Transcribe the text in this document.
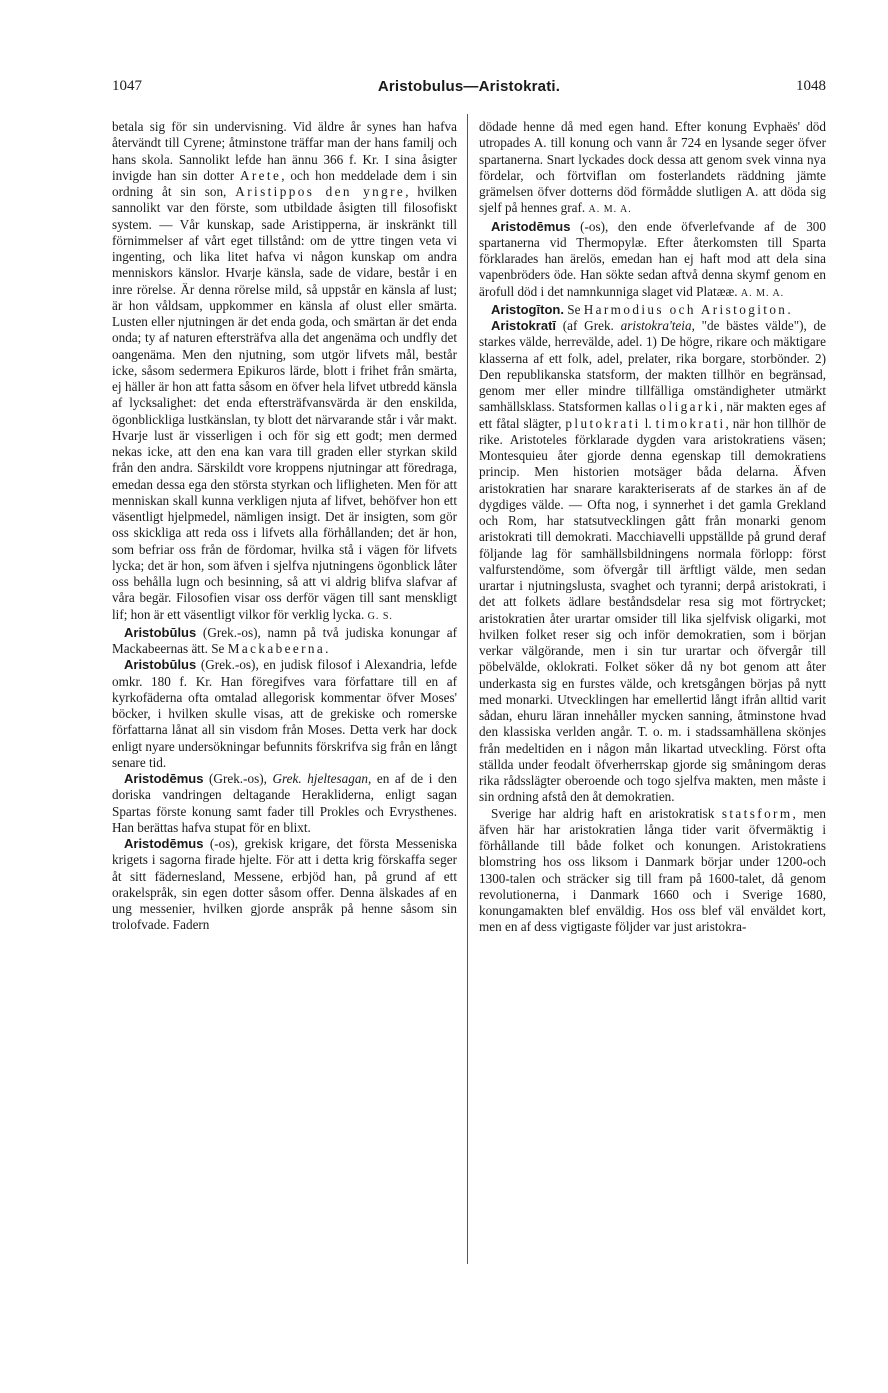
1047	Aristobulus—Aristokrati.	1048

betala sig för sin undervisning. Vid äldre år synes han hafva återvändt till Cyrene; åtminstone träffar man der hans familj och hans skola. Sannolikt lefde han ännu 366 f. Kr. I sina åsigter invigde han sin dotter Arete, och hon meddelade dem i sin ordning åt sin son, Aristippos den yngre, hvilken sannolikt var den förste, som utbildade åsigten till filosofiskt system. — Vår kunskap, sade Aristipperna, är inskränkt till förnimmelser af vårt eget tillstånd: om de yttre tingen veta vi ingenting, och lika litet hafva vi någon kunskap om andra menniskors känslor. Hvarje känsla, sade de vidare, består i en inre rörelse. Är denna rörelse mild, så uppstår en känsla af lust; är hon våldsam, uppkommer en känsla af olust eller smärta. Lusten eller njutningen är det enda goda, och smärtan är det enda onda; ty af naturen eftersträfva alla det angenäma och undfly det oangenäma. Men den njutning, som utgör lifvets mål, består icke, såsom sedermera Epikuros lärde, blott i frihet från smärta, ej häller är hon att fatta såsom en öfver hela lifvet utbredd känsla af lycksalighet: det enda eftersträfvansvärda är den enskilda, ögonblickliga lustkänslan, ty blott det närvarande står i vår makt. Hvarje lust är visserligen i och för sig ett godt; men dermed nekas icke, att den ena kan vara till graden eller styrkan skild från den andra. Särskildt vore kroppens njutningar att föredraga, emedan dessa ega den största styrkan och lifligheten. Men för att menniskan skall kunna verkligen njuta af lifvet, behöfver hon ett väsentligt hjelpmedel, nämligen insigt. Det är insigten, som gör oss skickliga att reda oss i lifvets alla förhållanden; det är hon, som befriar oss från de fördomar, hvilka stå i vägen för lifvets lycka; det är hon, som äfven i sjelfva njutningens ögonblick låter oss behålla lugn och besinning, så att vi aldrig blifva slafvar af våra begär. Filosofien visar oss derför vägen till sant menskligt lif; hon är ett väsentligt vilkor för verklig lycka. G. S.

Aristobūlus (Grek.-os), namn på två judiska konungar af Mackabeernas ätt. Se Mackabeerna.

Aristobūlus (Grek.-os), en judisk filosof i Alexandria, lefde omkr. 180 f. Kr. Han föregifves vara författare till en af kyrkofäderna ofta omtalad allegorisk kommentar öfver Moses' böcker, i hvilken skulle visas, att de grekiske och romerske författarna lånat all sin visdom från Moses. Detta verk har dock enligt nyare undersökningar befunnits förskrifva sig från en långt senare tid.

Aristodēmus (Grek.-os), Grek. hjeltesagan, en af de i den doriska vandringen deltagande Herakliderna, enligt sagan Spartas förste konung samt fader till Prokles och Evrysthenes. Han berättas hafva stupat för en blixt.

Aristodēmus (-os), grekisk krigare, det första Messeniska krigets i sagorna firade hjelte. För att i detta krig förskaffa seger åt sitt fädernesland, Messene, erbjöd han, på grund af ett orakelspråk, sin egen dotter såsom offer. Denna älskades af en ung messenier, hvilken gjorde anspråk på henne såsom sin trolofvade. Fadern

dödade henne då med egen hand. Efter konung Evphaës' död utropades A. till konung och vann år 724 en lysande seger öfver spartanerna. Snart lyckades dock dessa att genom svek vinna nya fördelar, och förtviflan om fosterlandets räddning jämte grämelsen öfver dotterns död förmådde slutligen A. att döda sig sjelf på hennes graf. A. M. A.

Aristodēmus (-os), den ende öfverlefvande af de 300 spartanerna vid Thermopylæ. Efter återkomsten till Sparta förklarades han ärelös, emedan han ej haft mod att dela sina vapenbröders öde. Han sökte sedan aftvå denna skymf genom en ärofull död i det namnkunniga slaget vid Platææ. A. M. A.

Aristogīton. Se Harmodius och Aristogiton.

Aristokratī (af Grek. aristokra'teia, "de bästes välde"), de starkes välde, herrevälde, adel. 1) De högre, rikare och mäktigare klasserna af ett folk, adel, prelater, rika borgare, storbönder. 2) Den republikanska statsform, der makten tillhör en begränsad, genom mer eller mindre tillfälliga omständigheter utmärkt samhällsklass. Statsformen kallas oligarki, när makten eges af ett fåtal slägter, plutokrati l. timokrati, när hon tillhör de rike. Aristoteles förklarade dygden vara aristokratiens väsen; Montesquieu åter gjorde denna egenskap till demokratiens princip. Men historien motsäger båda delarna. Äfven aristokratien har snarare karakteriserats af de starkes än af de dygdiges välde. — Ofta nog, i synnerhet i det gamla Grekland och Rom, har statsutvecklingen gått från monarki genom aristokrati till demokrati. Macchiavelli uppställde på grund deraf följande lag för samhällsbildningens normala förlopp: först valfurstendöme, som öfvergår till ärftligt välde, men sedan urartar i njutningslusta, svaghet och tyranni; derpå aristokrati, i det att folkets ädlare beståndsdelar resa sig mot förtrycket; aristokratien åter urartar omsider till lika sjelfvisk oligarki, mot hvilken folket reser sig och inför demokratien, som i början verkar välgörande, men i sin tur urartar och öfvergår till pöbelvälde, oklokrati. Folket söker då ny bot genom att åter underkasta sig en furstes välde, och kretsgången börjas på nytt med monarki. Utvecklingen har emellertid långt ifrån alltid varit sådan, ehuru läran innehåller mycken sanning, åtminstone hvad den klassiska verlden angår. T. o. m. i stadssamhällena skönjes från medeltiden en i någon mån likartad utveckling. Först ofta ställda under feodalt öfverherrskap gjorde sig småningom deras rika rådsslägter oberoende och togo sjelfva makten, men måste i sin ordning afstå den åt demokratien.

Sverige har aldrig haft en aristokratisk statsform, men äfven här har aristokratien långa tider varit öfvermäktig i förhållande till både folket och konungen. Aristokratiens blomstring hos oss liksom i Danmark börjar under 1200-och 1300-talen och sträcker sig till fram på 1600-talet, då genom revolutionerna, i Danmark 1660 och i Sverige 1680, konungamakten blef enväldig. Hos oss blef väl enväldet kort, men en af dess vigtigaste följder var just aristokra-
